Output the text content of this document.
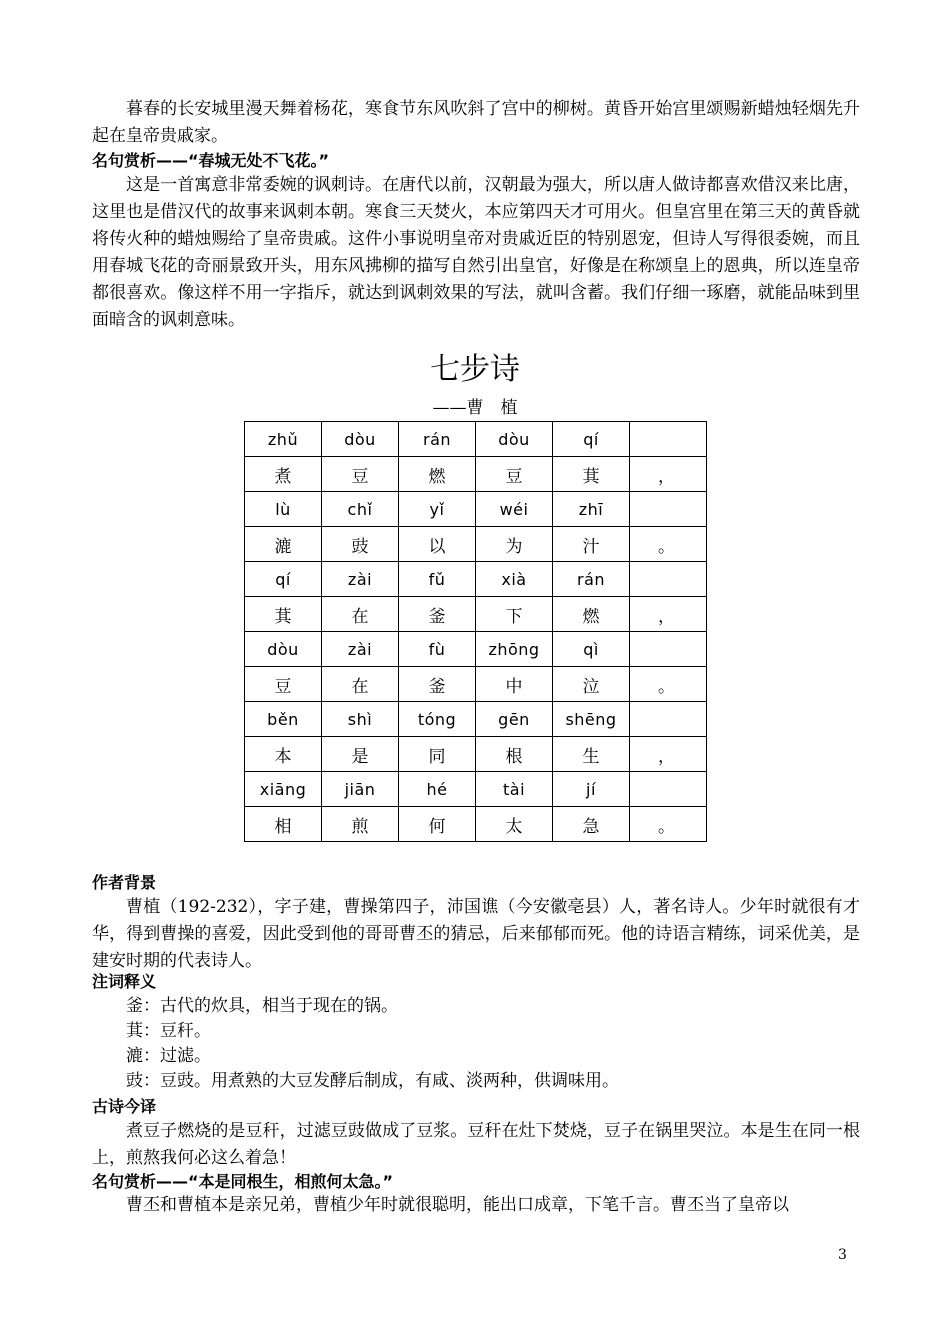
暮春的长安城里漫天舞着杨花，寒食节东风吹斜了宫中的柳树。黄昏开始宫里颂赐新蜡烛轻烟先升起在皇帝贵戚家。

名句赏析——“春城无处不飞花。”

这是一首寓意非常委婉的讽刺诗。在唐代以前，汉朝最为强大，所以唐人做诗都喜欢借汉来比唐，这里也是借汉代的故事来讽刺本朝。寒食三天焚火，本应第四天才可用火。但皇宫里在第三天的黄昏就将传火种的蜡烛赐给了皇帝贵戚。这件小事说明皇帝对贵戚近臣的特别恩宠，但诗人写得很委婉，而且用春城飞花的奇丽景致开头，用东风拂柳的描写自然引出皇官，好像是在称颂皇上的恩典，所以连皇帝都很喜欢。像这样不用一字指斥，就达到讽刺效果的写法，就叫含蓄。我们仔细一琢磨，就能品味到里面暗含的讽刺意味。

七步诗

——曹　植

zhǔ	dòu	rán	dòu	qí	
煮	豆	燃	豆	萁	，
lù	chǐ	yǐ	wéi	zhī	
漉	豉	以	为	汁	。
qí	zài	fǔ	xià	rán	
萁	在	釜	下	燃	，
dòu	zài	fù	zhōng	qì	
豆	在	釜	中	泣	。
běn	shì	tóng	gēn	shēng	
本	是	同	根	生	，
xiāng	jiān	hé	tài	jí	
相	煎	何	太	急	。

作者背景

曹植（192-232），字子建，曹操第四子，沛国谯（今安徽亳县）人，著名诗人。少年时就很有才华，得到曹操的喜爱，因此受到他的哥哥曹丕的猜忌，后来郁郁而死。他的诗语言精练，词采优美，是建安时期的代表诗人。

注词释义

釜：古代的炊具，相当于现在的锅。

萁：豆秆。

漉：过滤。

豉：豆豉。用煮熟的大豆发酵后制成，有咸、淡两种，供调味用。

古诗今译

煮豆子燃烧的是豆秆，过滤豆豉做成了豆浆。豆秆在灶下焚烧，豆子在锅里哭泣。本是生在同一根上，煎熬我何必这么着急！

名句赏析——“本是同根生，相煎何太急。”

曹丕和曹植本是亲兄弟，曹植少年时就很聪明，能出口成章，下笔千言。曹丕当了皇帝以

3
